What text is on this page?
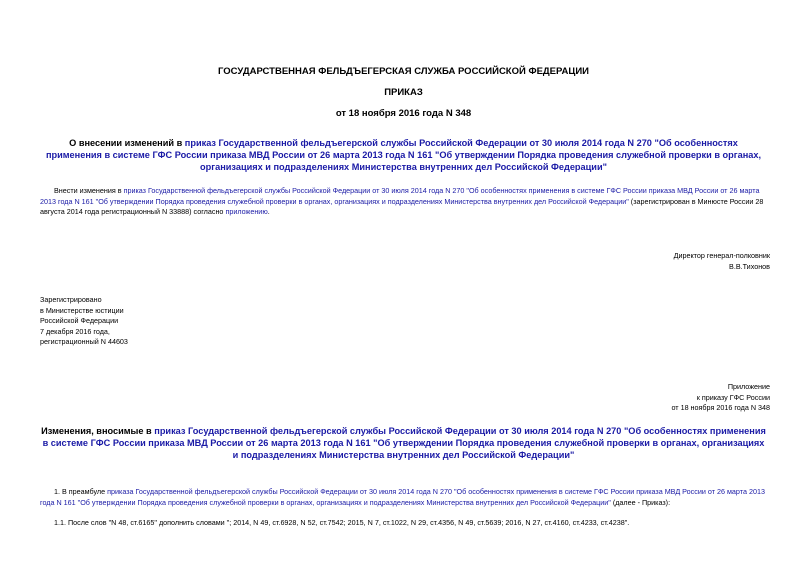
ГОСУДАРСТВЕННАЯ ФЕЛЬДЪЕГЕРСКАЯ СЛУЖБА РОССИЙСКОЙ ФЕДЕРАЦИИ
ПРИКАЗ
от 18 ноября 2016 года N 348
О внесении изменений в приказ Государственной фельдъегерской службы Российской Федерации от 30 июля 2014 года N 270 "Об особенностях применения в системе ГФС России приказа МВД России от 26 марта 2013 года N 161 "Об утверждении Порядка проведения служебной проверки в органах, организациях и подразделениях Министерства внутренних дел Российской Федерации"
Внести изменения в приказ Государственной фельдъегерской службы Российской Федерации от 30 июля 2014 года N 270 "Об особенностях применения в системе ГФС России приказа МВД России от 26 марта 2013 года N 161 "Об утверждении Порядка проведения служебной проверки в органах, организациях и подразделениях Министерства внутренних дел Российской Федерации" (зарегистрирован в Минюсте России 28 августа 2014 года регистрационный N 33888) согласно приложению.
Директор генерал-полковник
В.В.Тихонов
Зарегистрировано
в Министерстве юстиции
Российской Федерации
7 декабря 2016 года,
регистрационный N 44603
Приложение
к приказу ГФС России
от 18 ноября 2016 года N 348
Изменения, вносимые в приказ Государственной фельдъегерской службы Российской Федерации от 30 июля 2014 года N 270 "Об особенностях применения в системе ГФС России приказа МВД России от 26 марта 2013 года N 161 "Об утверждении Порядка проведения служебной проверки в органах, организациях и подразделениях Министерства внутренних дел Российской Федерации"
1. В преамбуле приказа Государственной фельдъегерской службы Российской Федерации от 30 июля 2014 года N 270 "Об особенностях применения в системе ГФС России приказа МВД России от 26 марта 2013 года N 161 "Об утверждении Порядка проведения служебной проверки в органах, организациях и подразделениях Министерства внутренних дел Российской Федерации" (далее - Приказ):
1.1. После слов "N 48, ст.6165" дополнить словами "; 2014, N 49, ст.6928, N 52, ст.7542; 2015, N 7, ст.1022, N 29, ст.4356, N 49, ст.5639; 2016, N 27, ст.4160, ст.4233, ст.4238".
